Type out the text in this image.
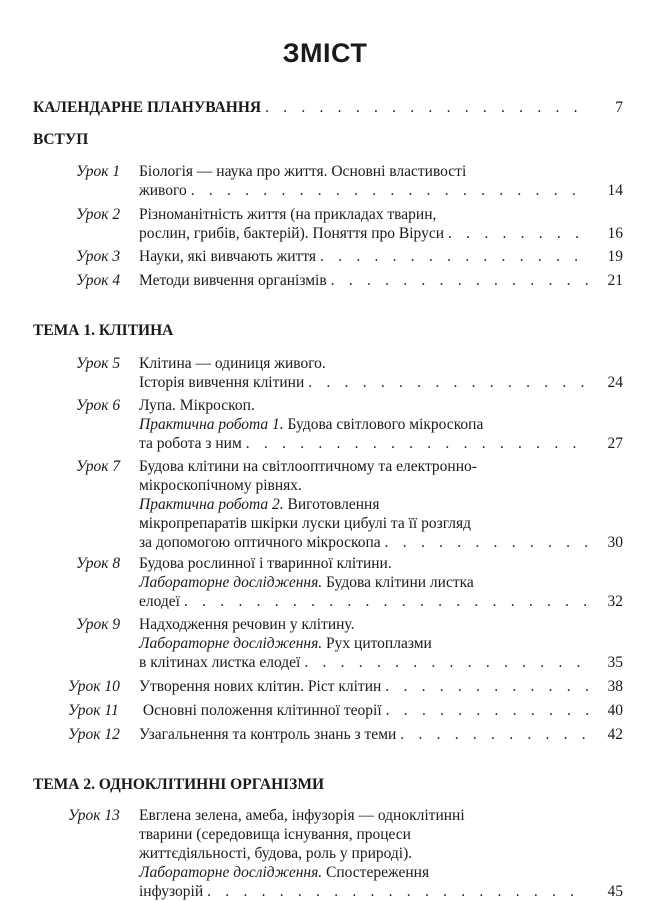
ЗМІСТ
КАЛЕНДАРНЕ ПЛАНУВАННЯ . . .	7
ВСТУП
Урок 1 Біологія — наука про життя. Основні властивості
живого . . .	14
Урок 2 Різноманітність життя (на прикладах тварин,
рослин, грибів, бактерій). Поняття про Віруси . . .	16
Урок 3 Науки, які вивчають життя . . .	19
Урок 4 Методи вивчення організмів . . .	21
ТЕМА 1. КЛІТИНА
Урок 5 Клітина — одиниця живого.
Історія вивчення клітини . . .	24
Урок 6 Лупа. Мікроскоп.
Практична робота 1. Будова світлового мікроскопа
та робота з ним . . .	27
Урок 7 Будова клітини на світлооптичному та електронно-
мікроскопічному рівнях.
Практична робота 2. Виготовлення
мікропрепаратів шкірки луски цибулі та її розгляд
за допомогою оптичного мікроскопа . . .	30
Урок 8 Будова рослинної і тваринної клітини.
Лабораторне дослідження. Будова клітини листка
елодеї . . .	32
Урок 9 Надходження речовин у клітину.
Лабораторне дослідження. Рух цитоплазми
в клітинах листка елодеї . . .	35
Урок 10 Утворення нових клітин. Ріст клітин . . .	38
Урок 11 Основні положення клітинної теорії . . .	40
Урок 12 Узагальнення та контроль знань з теми . . .	42
ТЕМА 2. ОДНОКЛІТИННІ ОРГАНІЗМИ
Урок 13 Евглена зелена, амеба, інфузорія — одноклітинні
тварини (середовища існування, процеси
життєдіяльності, будова, роль у природі).
Лабораторне дослідження. Спостереження
інфузорій . . .	45
